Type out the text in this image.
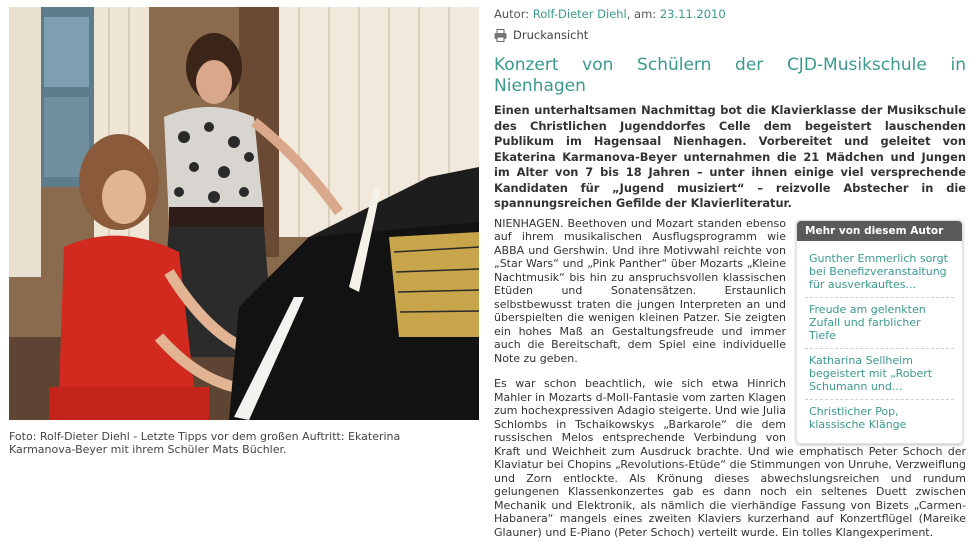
Foto: Rolf-Dieter Diehl - Letzte Tipps vor dem großen Auftritt: Ekaterina Karmanova-Beyer mit ihrem Schüler Mats Büchler.
Autor: Rolf-Dieter Diehl, am: 23.11.2010
Druckansicht
Konzert von Schülern der CJD-Musikschule in Nienhagen

Einen unterhaltsamen Nachmittag bot die Klavierklasse der Musikschule des Christlichen Jugenddorfes Celle dem begeistert lauschenden Publikum im Hagensaal Nienhagen. Vorbereitet und geleitet von Ekaterina Karmanova-Beyer unternahmen die 21 Mädchen und Jungen im Alter von 7 bis 18 Jahren – unter ihnen einige viel versprechende Kandidaten für „Jugend musiziert“ – reizvolle Abstecher in die spannungsreichen Gefilde der Klavierliteratur.

Mehr von diesem Autor
Gunther Emmerlich sorgt bei Benefizveranstaltung für ausverkauftes...
Freude am gelenkten Zufall und farblicher Tiefe
Katharina Sellheim begeistert mit „Robert Schumann und...
Christlicher Pop, klassische Klänge

NIENHAGEN. Beethoven und Mozart standen ebenso auf ihrem musikalischen Ausflugsprogramm wie ABBA und Gershwin. Und ihre Motivwahl reichte von „Star Wars“ und „Pink Panther“ über Mozarts „Kleine Nachtmusik“ bis hin zu anspruchsvollen klassischen Etüden und Sonatensätzen. Erstaunlich selbstbewusst traten die jungen Interpreten an und überspielten die wenigen kleinen Patzer. Sie zeigten ein hohes Maß an Gestaltungsfreude und immer auch die Bereitschaft, dem Spiel eine individuelle Note zu geben.

Es war schon beachtlich, wie sich etwa Hinrich Mahler in Mozarts d-Moll-Fantasie vom zarten Klagen zum hochexpressiven Adagio steigerte. Und wie Julia Schlombs in Tschaikowskys „Barkarole“ die dem russischen Melos entsprechende Verbindung von Kraft und Weichheit zum Ausdruck brachte. Und wie emphatisch Peter Schoch der Klaviatur bei Chopins „Revolutions-Etüde“ die Stimmungen von Unruhe, Verzweiflung und Zorn entlockte. Als Krönung dieses abwechslungsreichen und rundum gelungenen Klassenkonzertes gab es dann noch ein seltenes Duett zwischen Mechanik und Elektronik, als nämlich die vierhändige Fassung von Bizets „Carmen-Habanera“ mangels eines zweiten Klaviers kurzerhand auf Konzertflügel (Mareike Glauner) und E-Piano (Peter Schoch) verteilt wurde. Ein tolles Klangexperiment.
